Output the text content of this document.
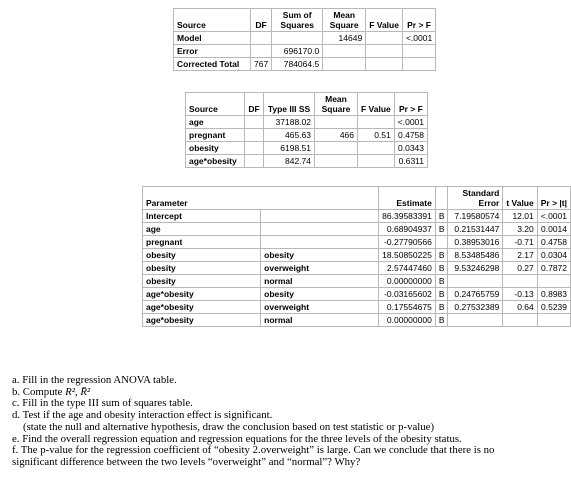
Source	DF	Sum of Squares	Mean Square	F Value	Pr > F
Model			14649		<.0001
Error		696170.0			
Corrected Total	767	784064.5			
Source	DF	Type III SS	Mean Square	F Value	Pr > F
age		37188.02			<.0001
pregnant		465.63	466	0.51	0.4758
obesity		6198.51			0.0343
age*obesity		842.74			0.6311
Parameter		Estimate		Standard Error	t Value	Pr > |t|
Intercept		86.39583391	B	7.19580574	12.01	<.0001
age		0.68904937	B	0.21531447	3.20	0.0014
pregnant		-0.27790566		0.38953016	-0.71	0.4758
obesity	obesity	18.50850225	B	8.53485486	2.17	0.0304
obesity	overweight	2.57447460	B	9.53246298	0.27	0.7872
obesity	normal	0.00000000	B			
age*obesity	obesity	-0.03165602	B	0.24765759	-0.13	0.8983
age*obesity	overweight	0.17554675	B	0.27532389	0.64	0.5239
age*obesity	normal	0.00000000	B			
a. Fill in the regression ANOVA table.
b. Compute R², R̄²
c. Fill in the type III sum of squares table.
d. Test if the age and obesity interaction effect is significant.
(state the null and alternative hypothesis, draw the conclusion based on test statistic or p-value)
e. Find the overall regression equation and regression equations for the three levels of the obesity status.
f. The p-value for the regression coefficient of “obesity 2.overweight” is large. Can we conclude that there is no
significant difference between the two levels “overweight” and “normal”? Why?
